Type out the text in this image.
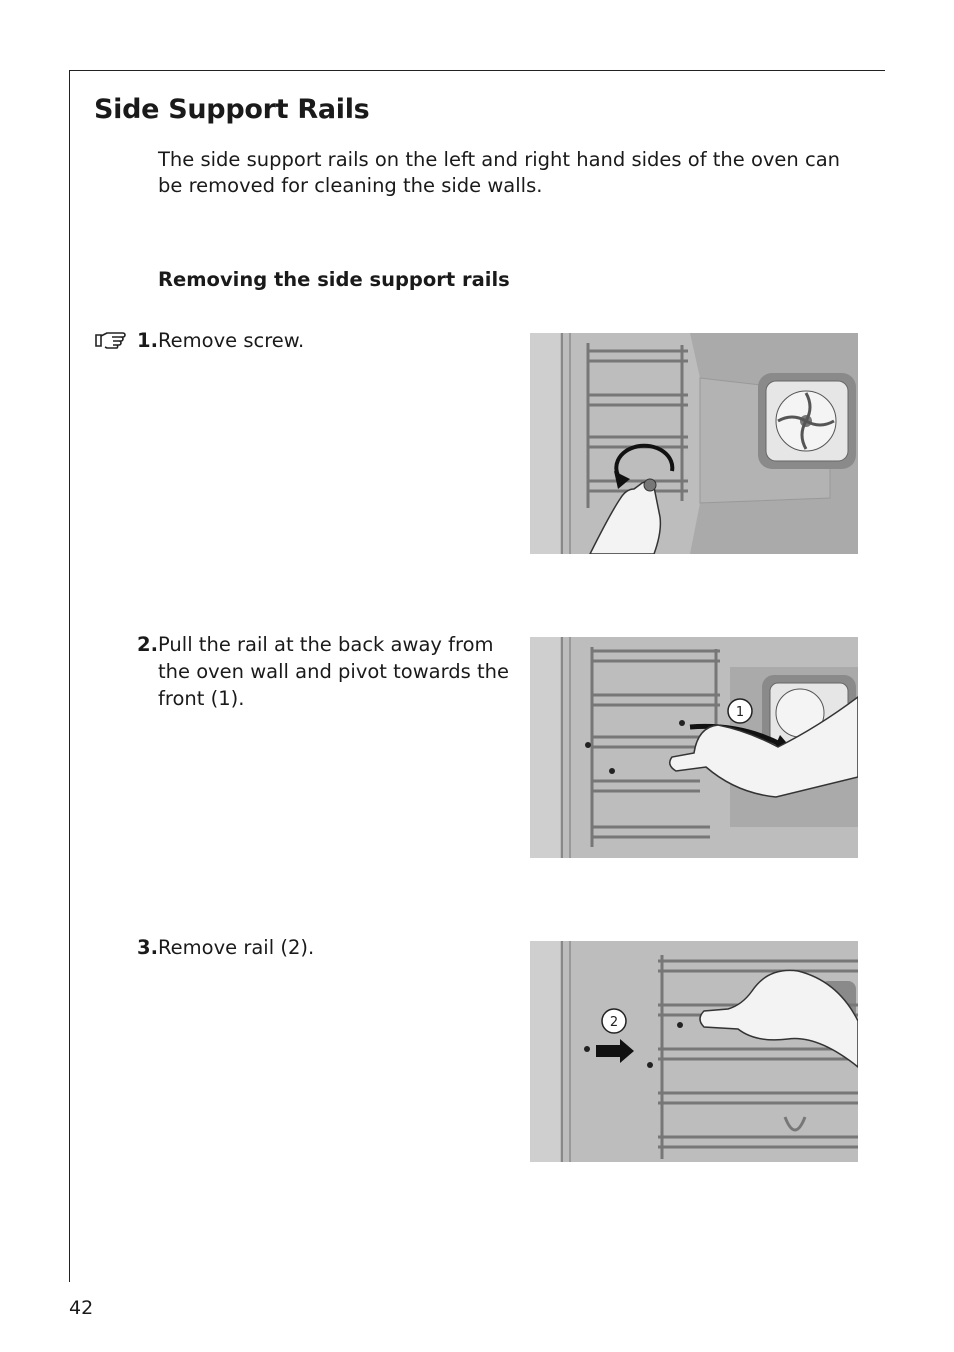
Side Support Rails

The side support rails on the left and right hand sides of the oven can be removed for cleaning the side walls.

Removing the side support rails
1. Remove screw.
2. Pull the rail at the back away from the oven wall and pivot towards the front (1).
3. Remove rail (2).
1
2
42
